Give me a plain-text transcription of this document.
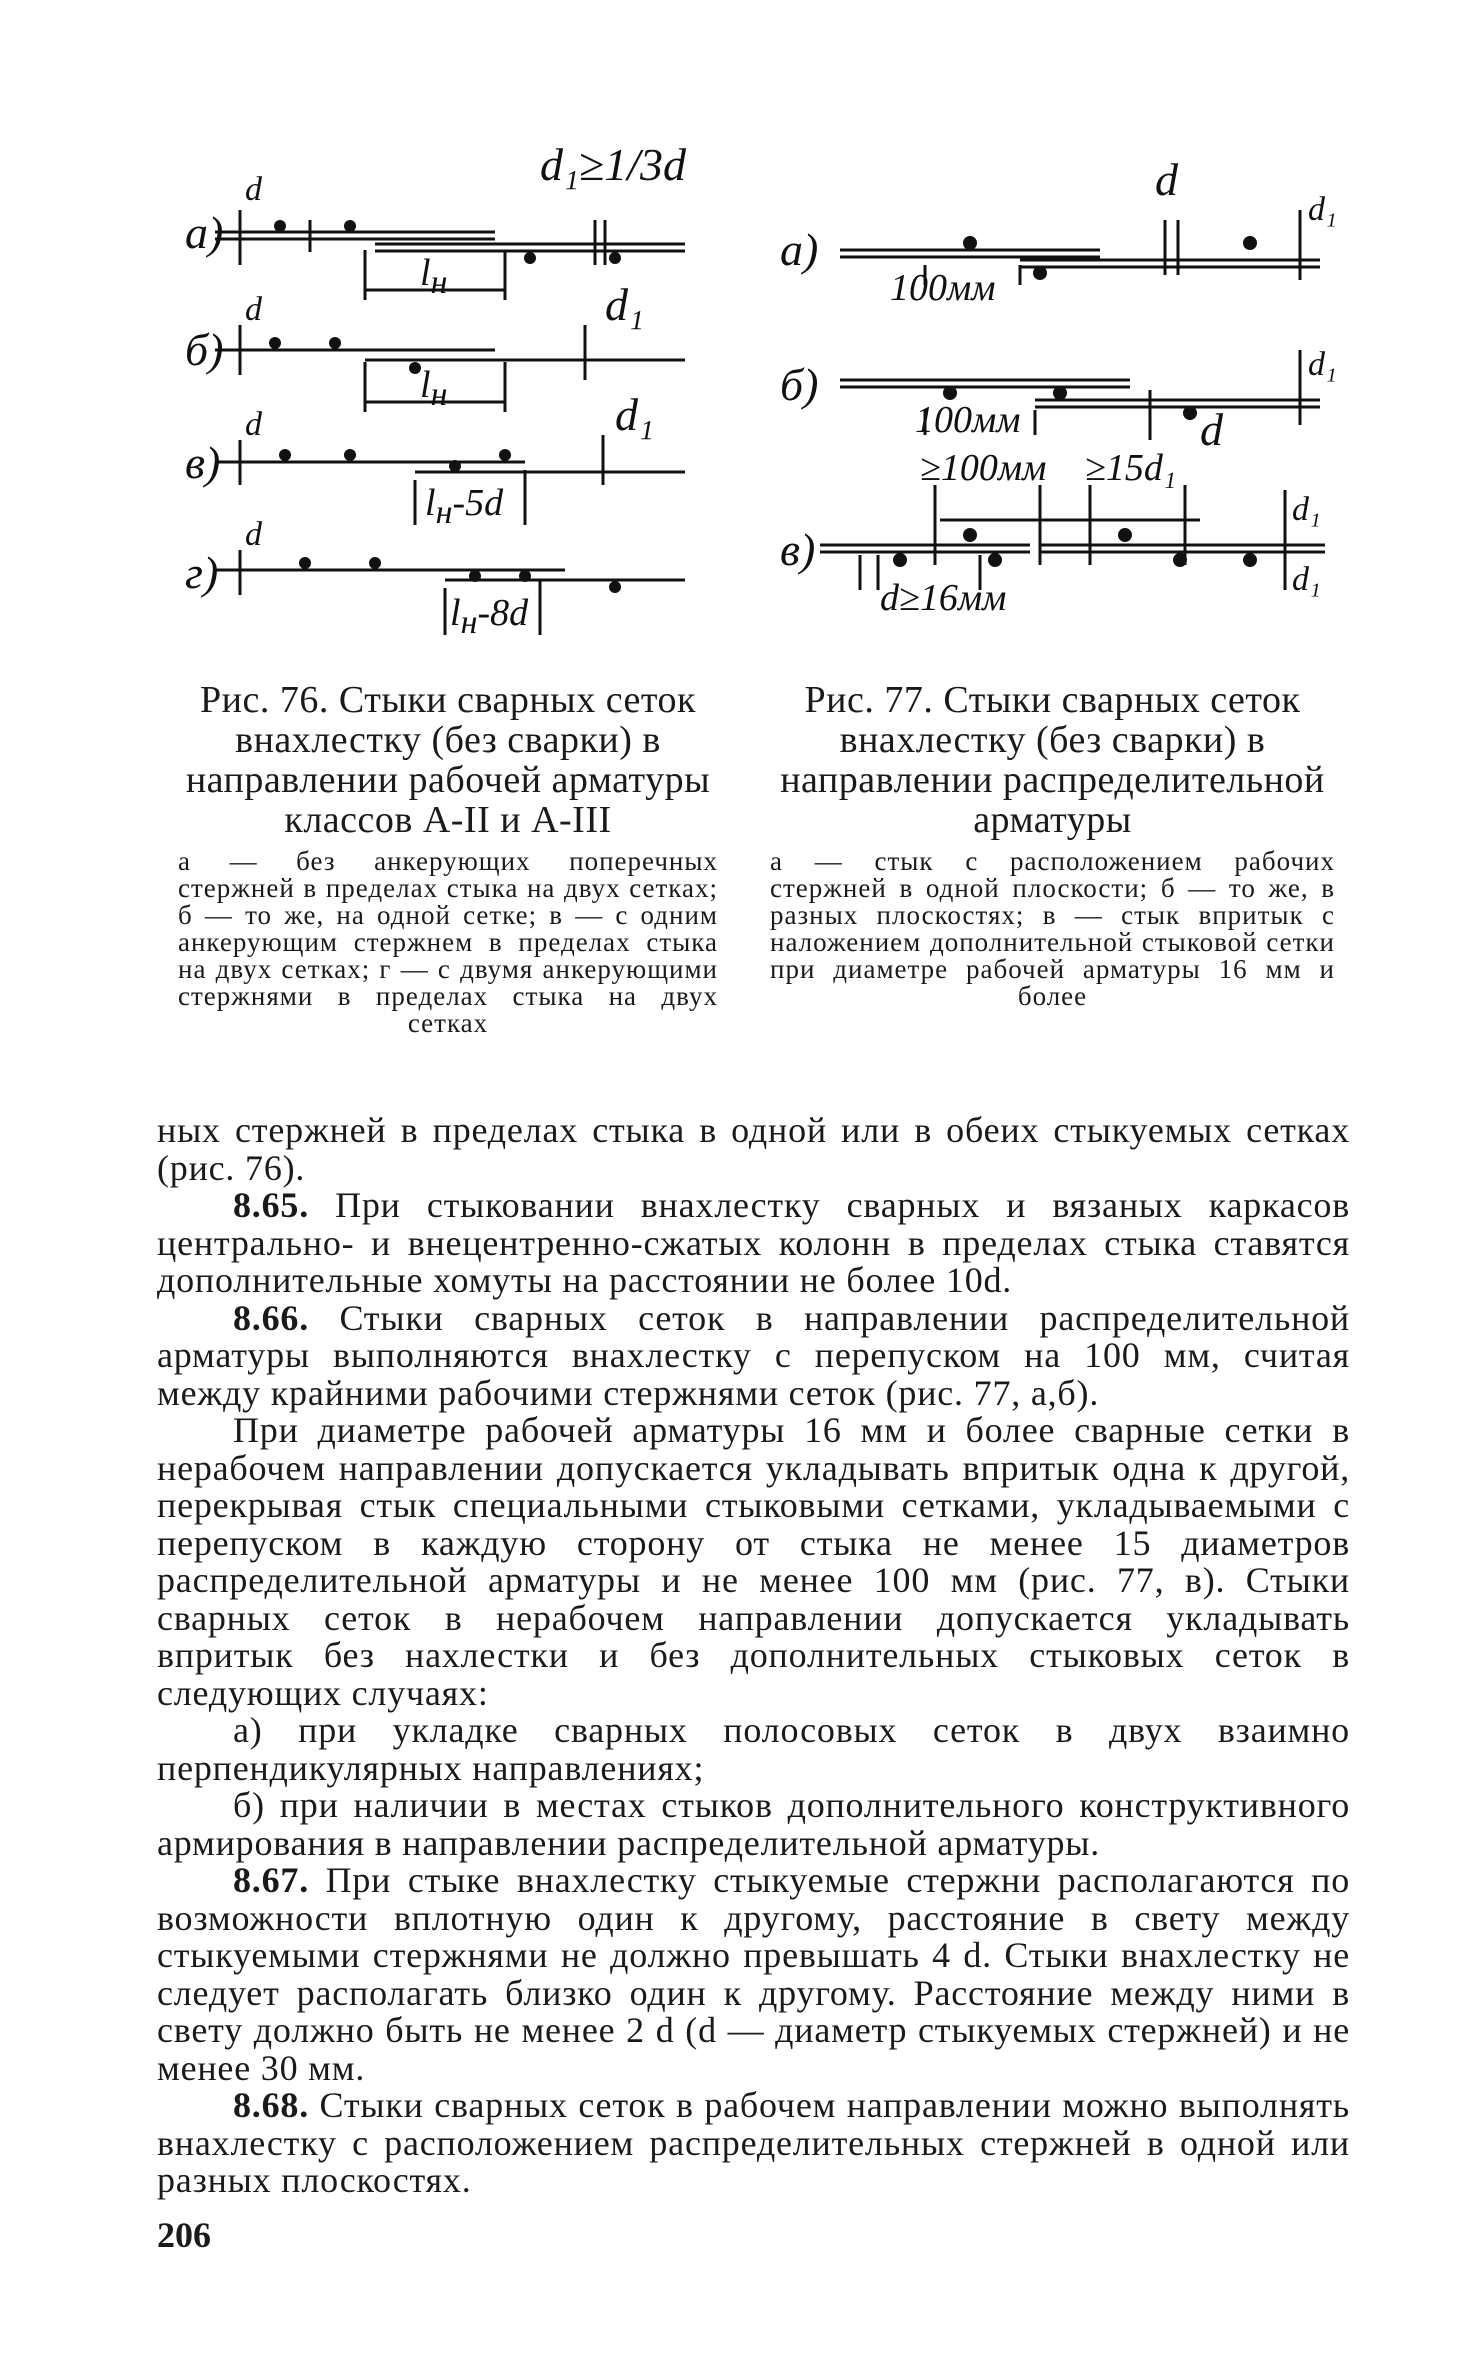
а)
б)
в)
г)
d
d
d
d
d₁≥1/3d
d₁
d₁
lн
lн
lн-5d
lн-8d
а)
б)
в)
100мм
100мм
d≥16мм
d
d
≥100мм ≥15d₁
d₁
d₁
d₁
d₁

Рис. 76. Стыки сварных сеток внахлестку (без сварки) в направлении рабочей арматуры классов А-II и А-III

а — без анкерующих поперечных стержней в пределах стыка на двух сетках; б — то же, на одной сетке; в — с одним анкерующим стержнем в пределах стыка на двух сетках; г — с двумя анкерующими стержнями в пределах стыка на двух сетках

Рис. 77. Стыки сварных сеток внахлестку (без сварки) в направлении распределительной арматуры

а — стык с расположением рабочих стержней в одной плоскости; б — то же, в разных плоскостях; в — стык впритык с наложением дополнительной стыковой сетки при диаметре рабочей арматуры 16 мм и более

ных стержней в пределах стыка в одной или в обеих стыкуемых сетках (рис. 76).

8.65. При стыковании внахлестку сварных и вязаных каркасов центрально- и внецентренно-сжатых колонн в пределах стыка ставятся дополнительные хомуты на расстоянии не более 10d.

8.66. Стыки сварных сеток в направлении распределительной арматуры выполняются внахлестку с перепуском на 100 мм, считая между крайними рабочими стержнями сеток (рис. 77, а,б).

При диаметре рабочей арматуры 16 мм и более сварные сетки в нерабочем направлении допускается укладывать впритык одна к другой, перекрывая стык специальными стыковыми сетками, укладываемыми с перепуском в каждую сторону от стыка не менее 15 диаметров распределительной арматуры и не менее 100 мм (рис. 77, в). Стыки сварных сеток в нерабочем направлении допускается укладывать впритык без нахлестки и без дополнительных стыковых сеток в следующих случаях:

а) при укладке сварных полосовых сеток в двух взаимно перпендикулярных направлениях;

б) при наличии в местах стыков дополнительного конструктивного армирования в направлении распределительной арматуры.

8.67. При стыке внахлестку стыкуемые стержни располагаются по возможности вплотную один к другому, расстояние в свету между стыкуемыми стержнями не должно превышать 4 d. Стыки внахлестку не следует располагать близко один к другому. Расстояние между ними в свету должно быть не менее 2 d (d — диаметр стыкуемых стержней) и не менее 30 мм.

8.68. Стыки сварных сеток в рабочем направлении можно выполнять внахлестку с расположением распределительных стержней в одной или разных плоскостях.

206
